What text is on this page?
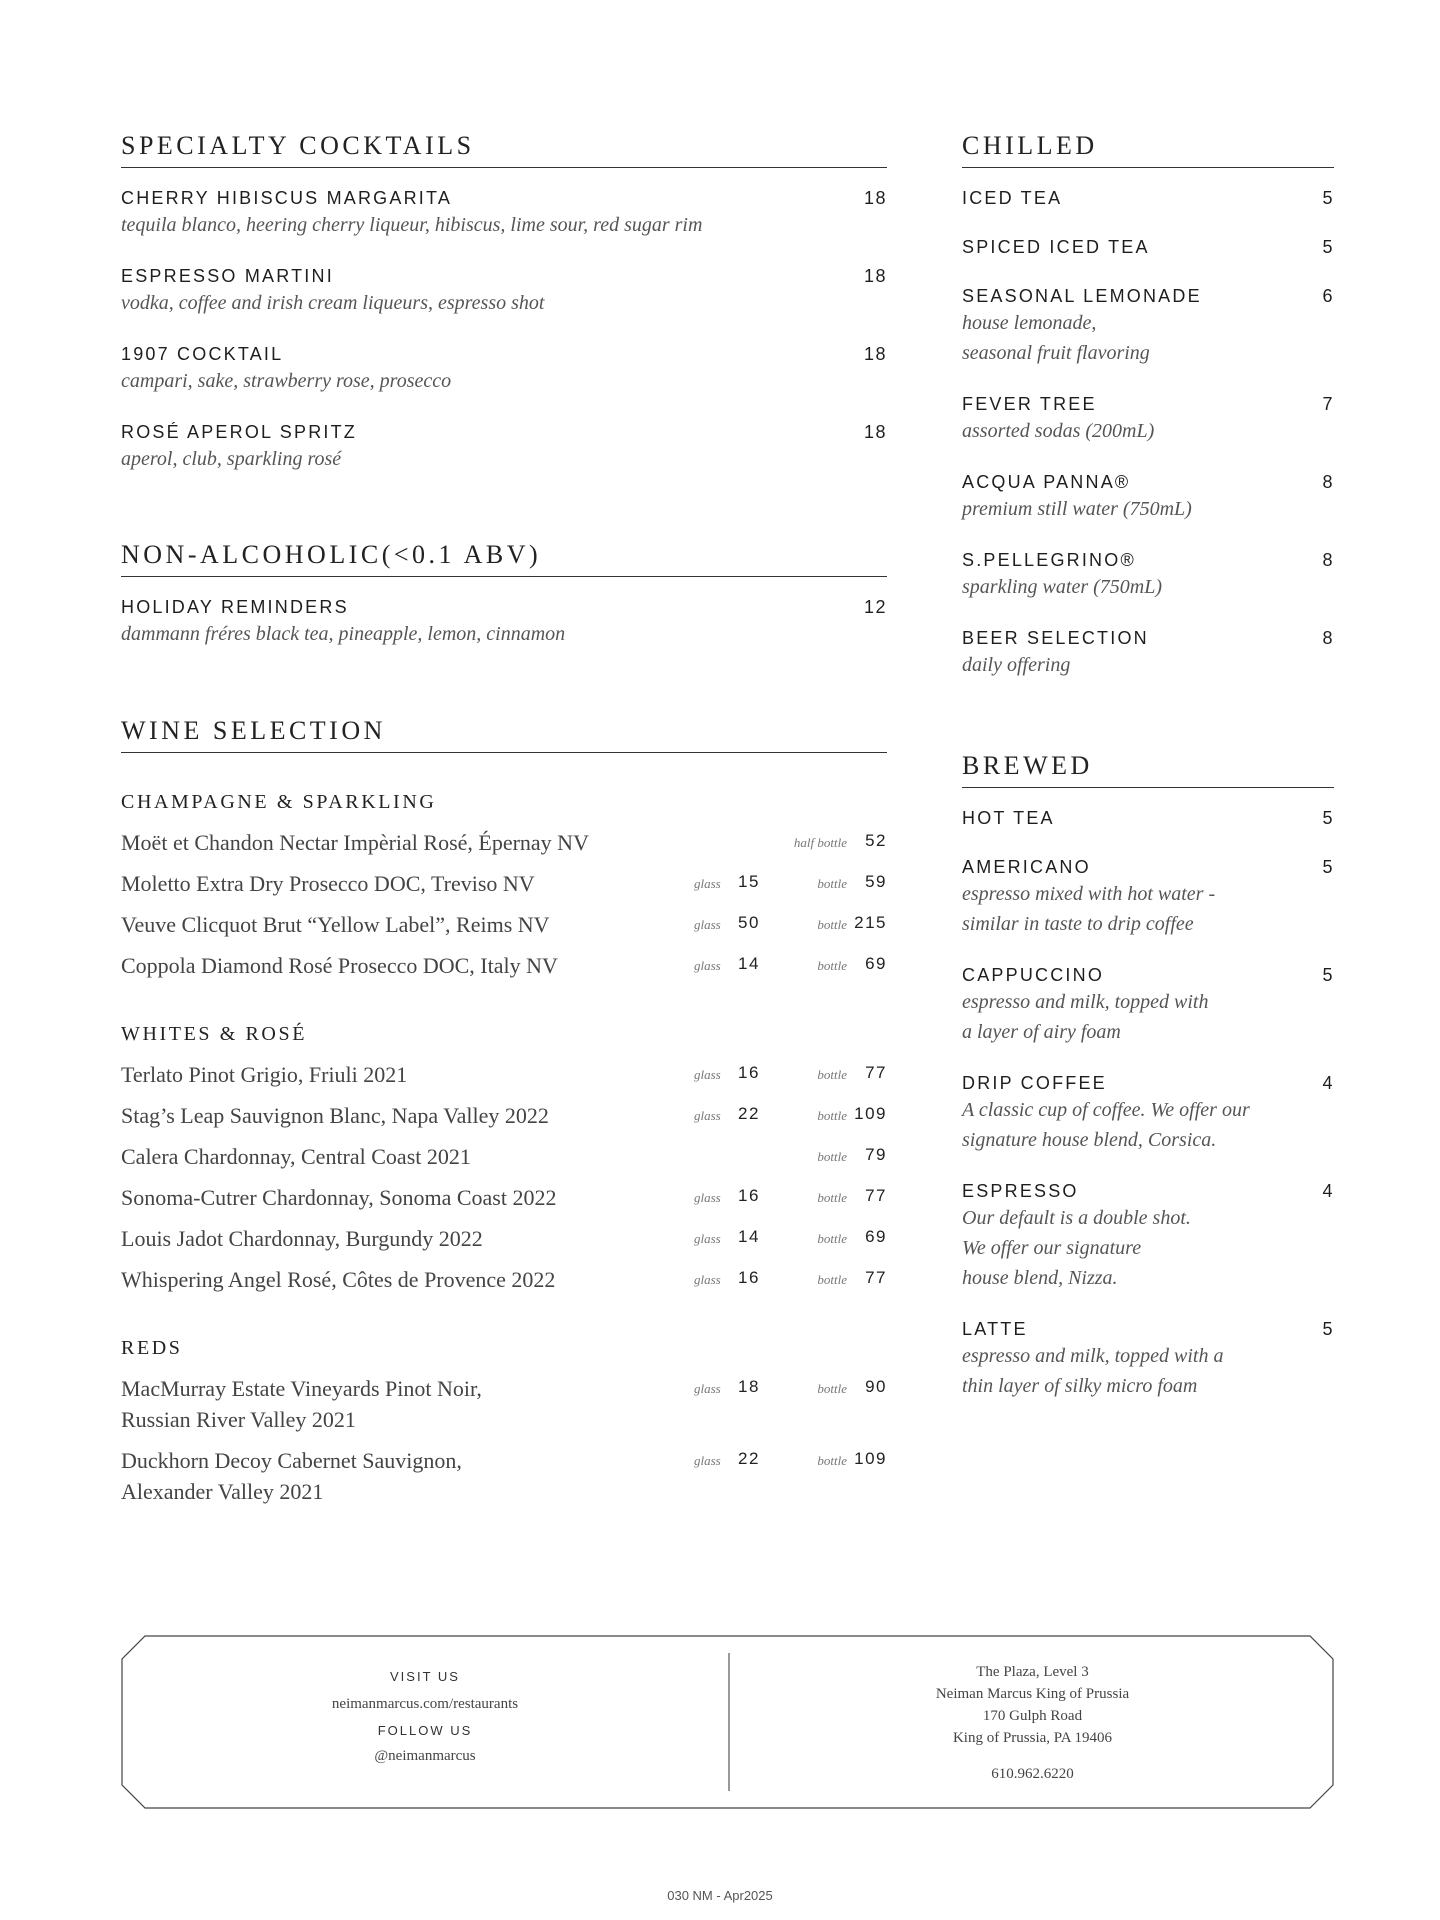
SPECIALTY COCKTAILS
CHERRY HIBISCUS MARGARITA	18
tequila blanco, heering cherry liqueur, hibiscus, lime sour, red sugar rim
ESPRESSO MARTINI	18
vodka, coffee and irish cream liqueurs, espresso shot
1907 COCKTAIL	18
campari, sake, strawberry rose, prosecco
ROSÉ APEROL SPRITZ	18
aperol, club, sparkling rosé
NON-ALCOHOLIC(<0.1 ABV)
HOLIDAY REMINDERS	12
dammann fréres black tea, pineapple, lemon, cinnamon
WINE SELECTION
CHAMPAGNE & SPARKLING
Moët et Chandon Nectar Impèrial Rosé, Épernay NV	half bottle 52
Moletto Extra Dry Prosecco DOC, Treviso NV	glass 15	bottle 59
Veuve Clicquot Brut “Yellow Label”, Reims NV	glass 50	bottle 215
Coppola Diamond Rosé Prosecco DOC, Italy NV	glass 14	bottle 69
WHITES & ROSÉ
Terlato Pinot Grigio, Friuli 2021	glass 16	bottle 77
Stag’s Leap Sauvignon Blanc, Napa Valley 2022	glass 22	bottle 109
Calera Chardonnay, Central Coast 2021	bottle 79
Sonoma-Cutrer Chardonnay, Sonoma Coast 2022	glass 16	bottle 77
Louis Jadot Chardonnay, Burgundy 2022	glass 14	bottle 69
Whispering Angel Rosé, Côtes de Provence 2022	glass 16	bottle 77
REDS
MacMurray Estate Vineyards Pinot Noir,
Russian River Valley 2021
glass 18	bottle 90
Duckhorn Decoy Cabernet Sauvignon,
Alexander Valley 2021
glass 22	bottle 109
CHILLED
ICED TEA	5
SPICED ICED TEA	5
SEASONAL LEMONADE	6
house lemonade,
seasonal fruit flavoring
FEVER TREE	7
assorted sodas (200mL)
ACQUA PANNA®	8
premium still water (750mL)
S.PELLEGRINO®	8
sparkling water (750mL)
BEER SELECTION	8
daily offering
BREWED
HOT TEA	5
AMERICANO	5
espresso mixed with hot water -
similar in taste to drip coffee
CAPPUCCINO	5
espresso and milk, topped with
a layer of airy foam
DRIP COFFEE	4
A classic cup of coffee. We offer our
signature house blend, Corsica.
ESPRESSO	4
Our default is a double shot.
We offer our signature
house blend, Nizza.
LATTE	5
espresso and milk, topped with a
thin layer of silky micro foam
VISIT US
neimanmarcus.com/restaurants
FOLLOW US
@neimanmarcus
The Plaza, Level 3
Neiman Marcus King of Prussia
170 Gulph Road
King of Prussia, PA 19406
610.962.6220
030 NM - Apr2025
